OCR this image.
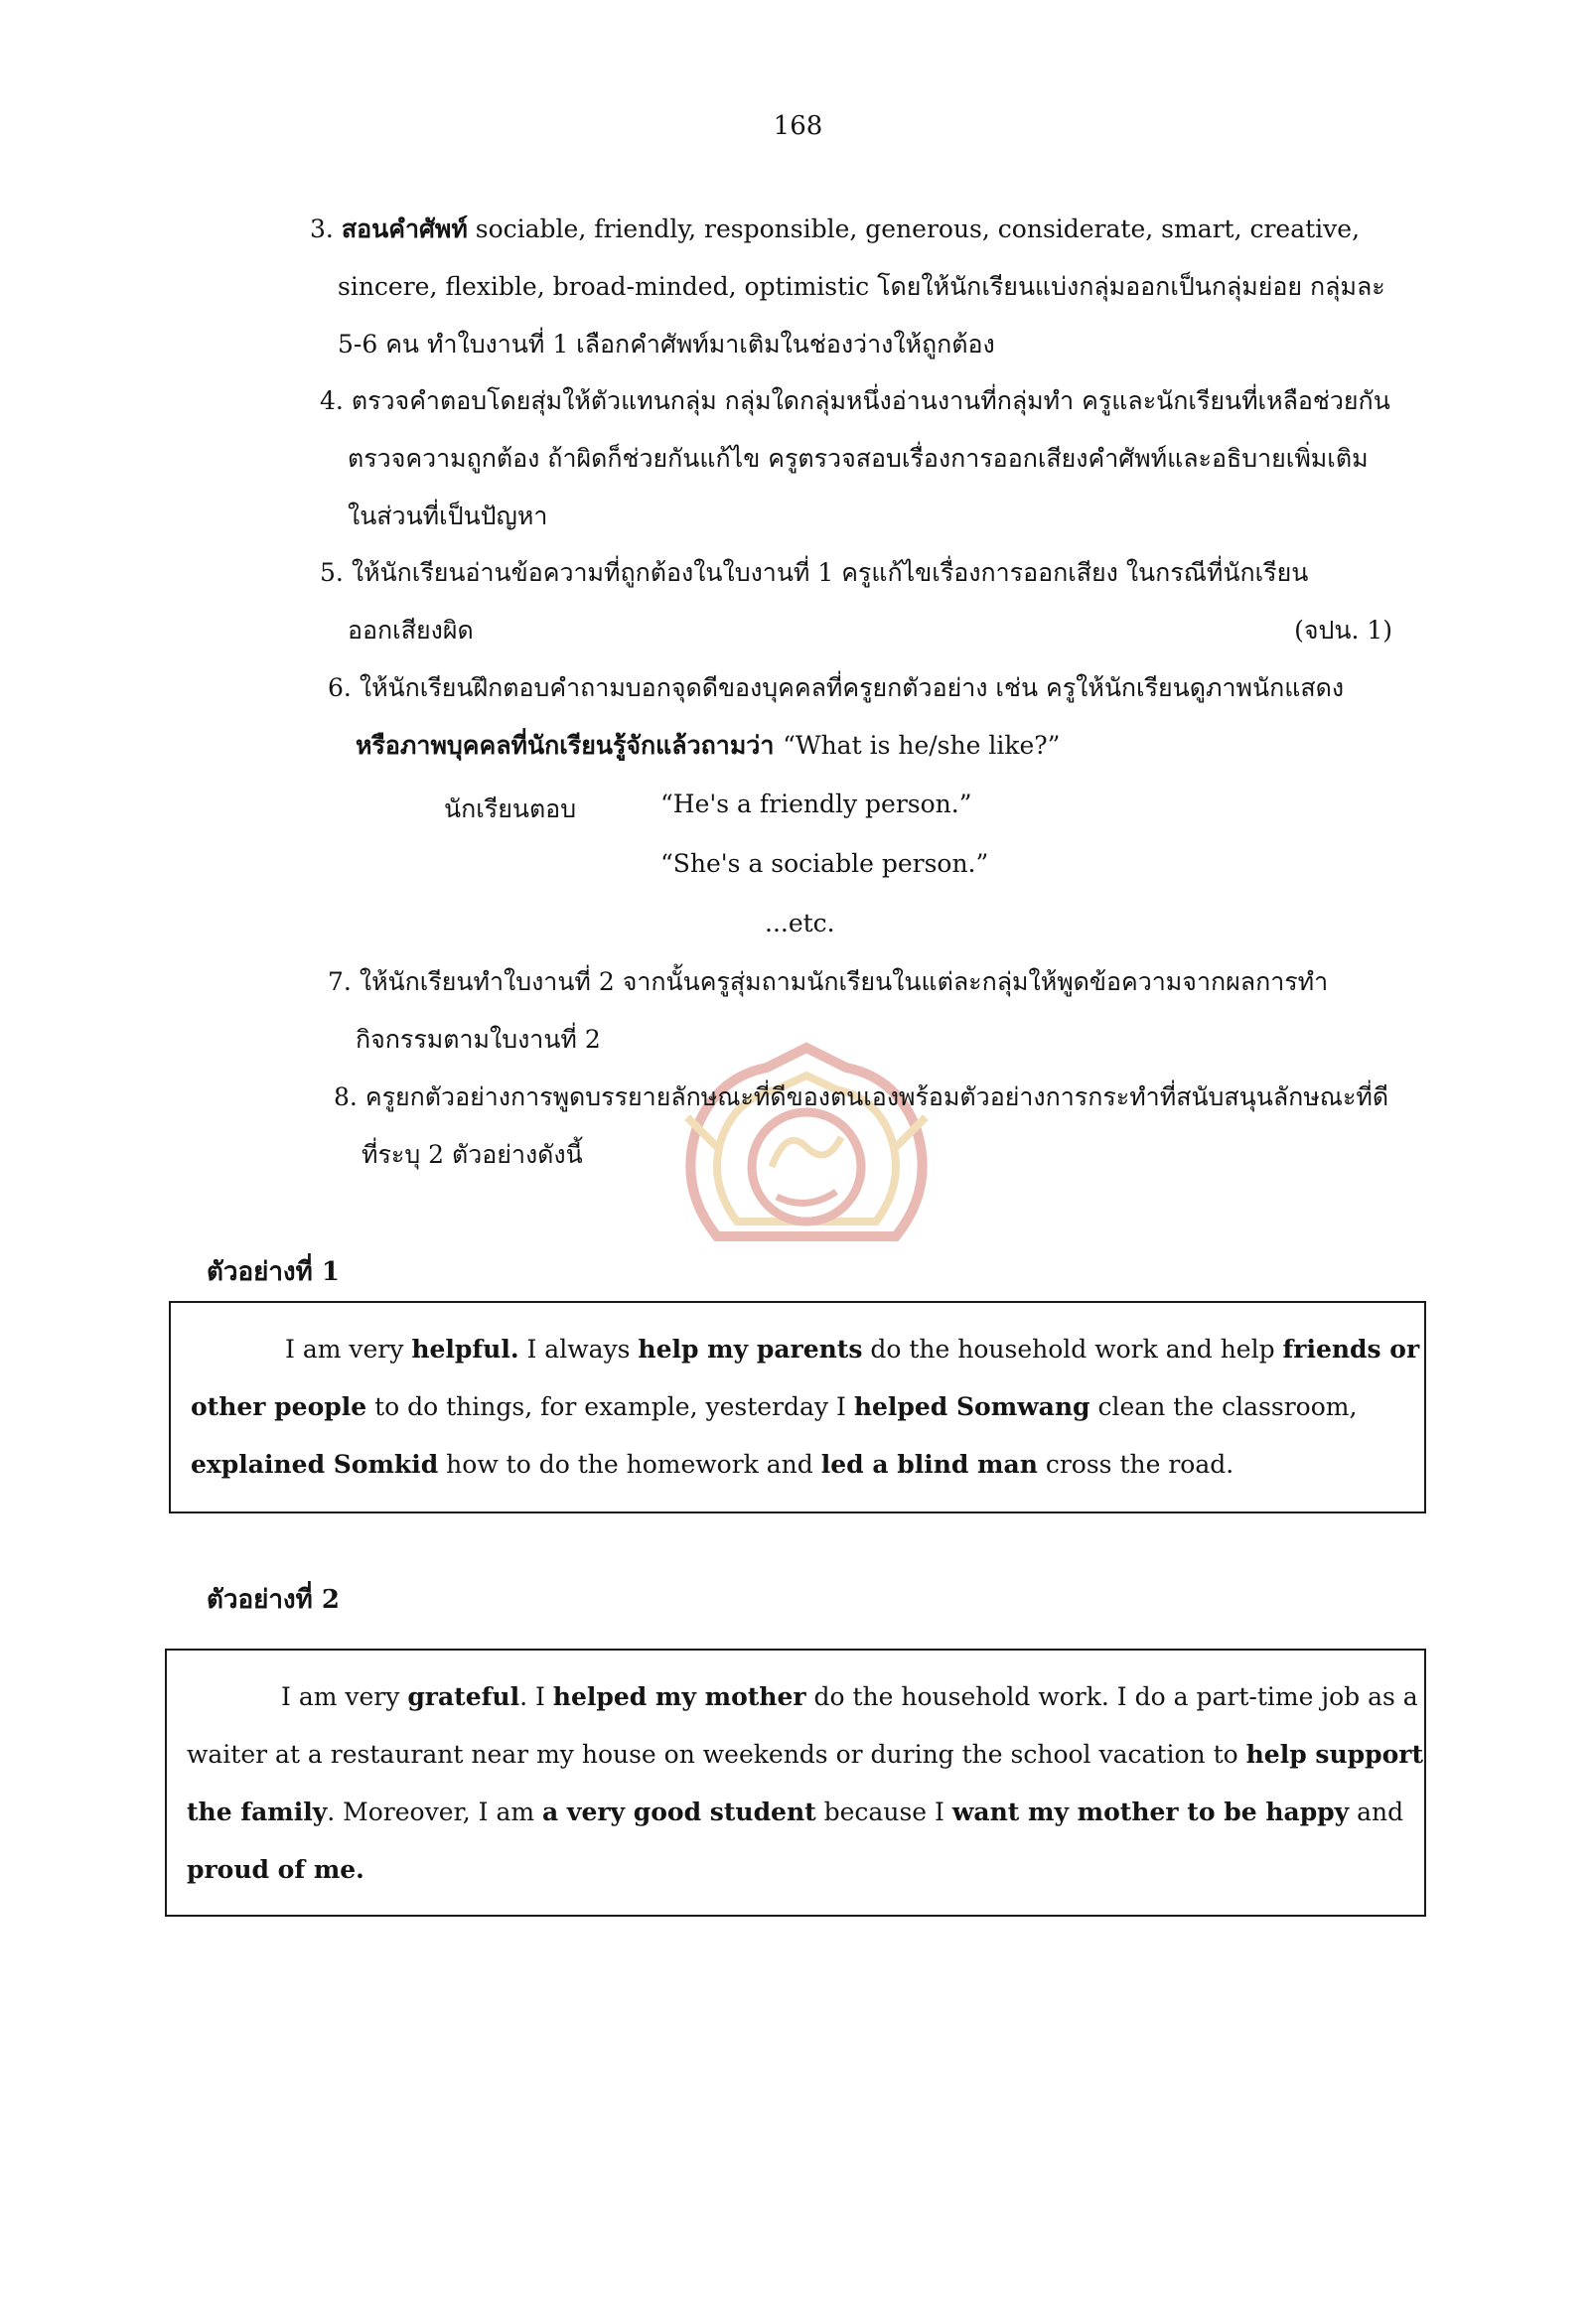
168
3. สอนคำศัพท์ sociable, friendly, responsible, generous, considerate, smart, creative,
sincere, flexible, broad-minded, optimistic โดยให้นักเรียนแบ่งกลุ่มออกเป็นกลุ่มย่อย กลุ่มละ
5-6 คน ทำใบงานที่ 1 เลือกคำศัพท์มาเติมในช่องว่างให้ถูกต้อง
4. ตรวจคำตอบโดยสุ่มให้ตัวแทนกลุ่ม กลุ่มใดกลุ่มหนึ่งอ่านงานที่กลุ่มทำ ครูและนักเรียนที่เหลือช่วยกัน
ตรวจความถูกต้อง ถ้าผิดก็ช่วยกันแก้ไข ครูตรวจสอบเรื่องการออกเสียงคำศัพท์และอธิบายเพิ่มเติม
ในส่วนที่เป็นปัญหา
5. ให้นักเรียนอ่านข้อความที่ถูกต้องในใบงานที่ 1 ครูแก้ไขเรื่องการออกเสียง ในกรณีที่นักเรียน
ออกเสียงผิด	(จปน. 1)
6. ให้นักเรียนฝึกตอบคำถามบอกจุดดีของบุคคลที่ครูยกตัวอย่าง เช่น ครูให้นักเรียนดูภาพนักแสดง
หรือภาพบุคคลที่นักเรียนรู้จักแล้วถามว่า “What is he/she like?”
นักเรียนตอบ	“He's a friendly person.”
“She's a sociable person.”
...etc.
7. ให้นักเรียนทำใบงานที่ 2 จากนั้นครูสุ่มถามนักเรียนในแต่ละกลุ่มให้พูดข้อความจากผลการทำ
กิจกรรมตามใบงานที่ 2
8. ครูยกตัวอย่างการพูดบรรยายลักษณะที่ดีของตนเองพร้อมตัวอย่างการกระทำที่สนับสนุนลักษณะที่ดี
ที่ระบุ 2 ตัวอย่างดังนี้
ตัวอย่างที่ 1
I am very helpful. I always help my parents do the household work and help friends or
other people to do things, for example, yesterday I helped Somwang clean the classroom,
explained Somkid how to do the homework and led a blind man cross the road.
ตัวอย่างที่ 2
I am very grateful. I helped my mother do the household work. I do a part-time job as a
waiter at a restaurant near my house on weekends or during the school vacation to help support
the family. Moreover, I am a very good student because I want my mother to be happy and
proud of me.
